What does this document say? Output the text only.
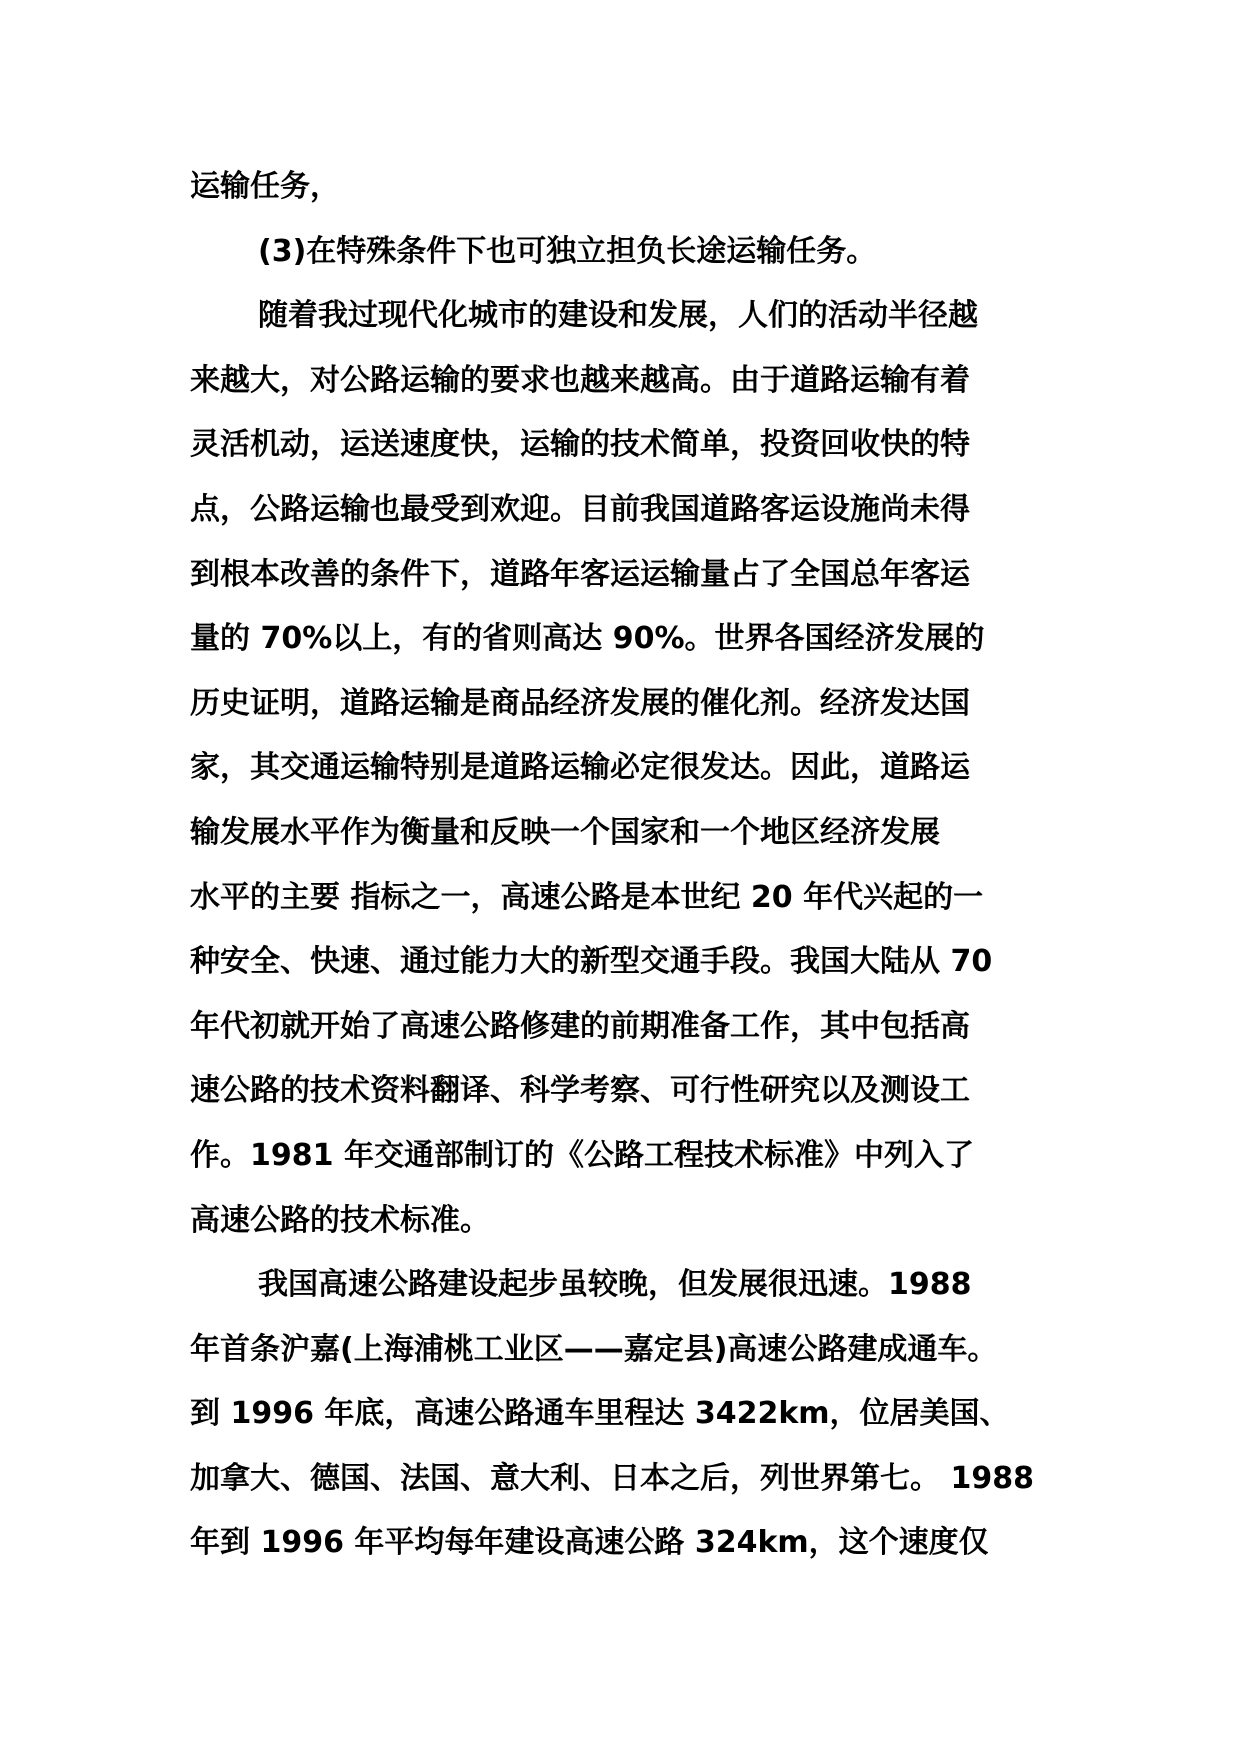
运输任务，
(3)在特殊条件下也可独立担负长途运输任务。
随着我过现代化城市的建设和发展，人们的活动半径越
来越大，对公路运输的要求也越来越高。由于道路运输有着
灵活机动，运送速度快，运输的技术简单，投资回收快的特
点，公路运输也最受到欢迎。目前我国道路客运设施尚未得
到根本改善的条件下，道路年客运运输量占了全国总年客运
量的 70%以上，有的省则高达 90%。世界各国经济发展的
历史证明，道路运输是商品经济发展的催化剂。经济发达国
家，其交通运输特别是道路运输必定很发达。因此，道路运
输发展水平作为衡量和反映一个国家和一个地区经济发展
水平的主要 指标之一，高速公路是本世纪 20 年代兴起的一
种安全、快速、通过能力大的新型交通手段。我国大陆从 70
年代初就开始了高速公路修建的前期准备工作，其中包括高
速公路的技术资料翻译、科学考察、可行性研究以及测设工
作。1981 年交通部制订的《公路工程技术标准》中列入了
高速公路的技术标准。
我国高速公路建设起步虽较晚，但发展很迅速。1988
年首条沪嘉(上海浦桃工业区——嘉定县)高速公路建成通车。
到 1996 年底，高速公路通车里程达 3422km，位居美国、
加拿大、德国、法国、意大利、日本之后，列世界第七。 1988
年到 1996 年平均每年建设高速公路 324km，这个速度仅
